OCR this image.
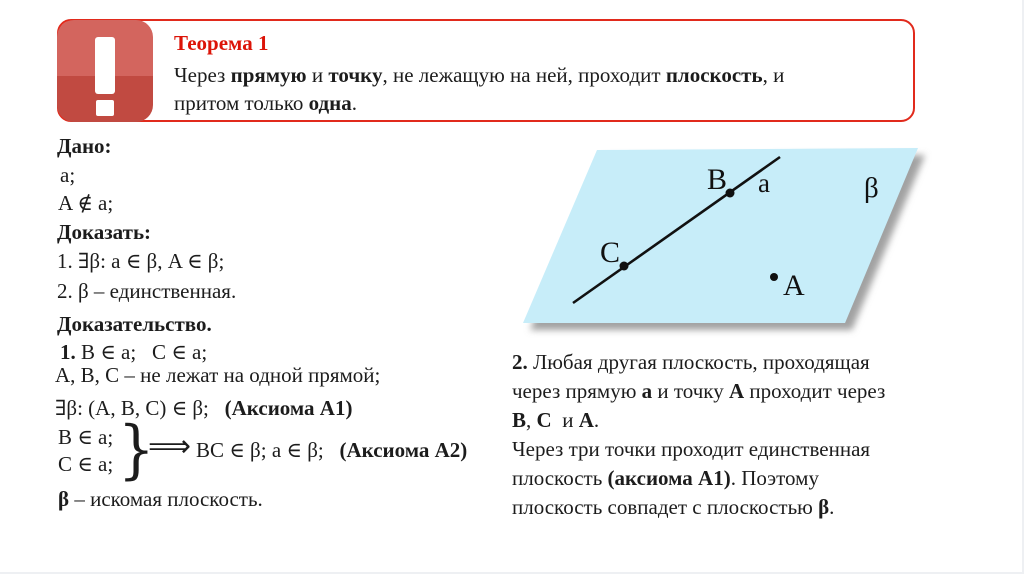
Теорема 1
Через прямую и точку, не лежащую на ней, проходит плоскость, и
притом только одна.
Дано:
a;
A ∉ a;
Доказать:
1. ∃β: a ∈ β, A ∈ β;
2. β – единственная.
Доказательство.
1. B ∈ a;   C ∈ a;
A, B, C – не лежат на одной прямой;
∃β: (A, B, C) ∈ β;   (Аксиома A1)
B ∈ a;
C ∈ a; }
⟹ BC ∈ β; a ∈ β;   (Аксиома A2)
β – искомая плоскость.
B
C
A
a	β
2. Любая другая плоскость, проходящая
через прямую a и точку A проходит через
B, C  и A.
Через три точки проходит единственная
плоскость (аксиома A1). Поэтому
плоскость совпадет с плоскостью β.
